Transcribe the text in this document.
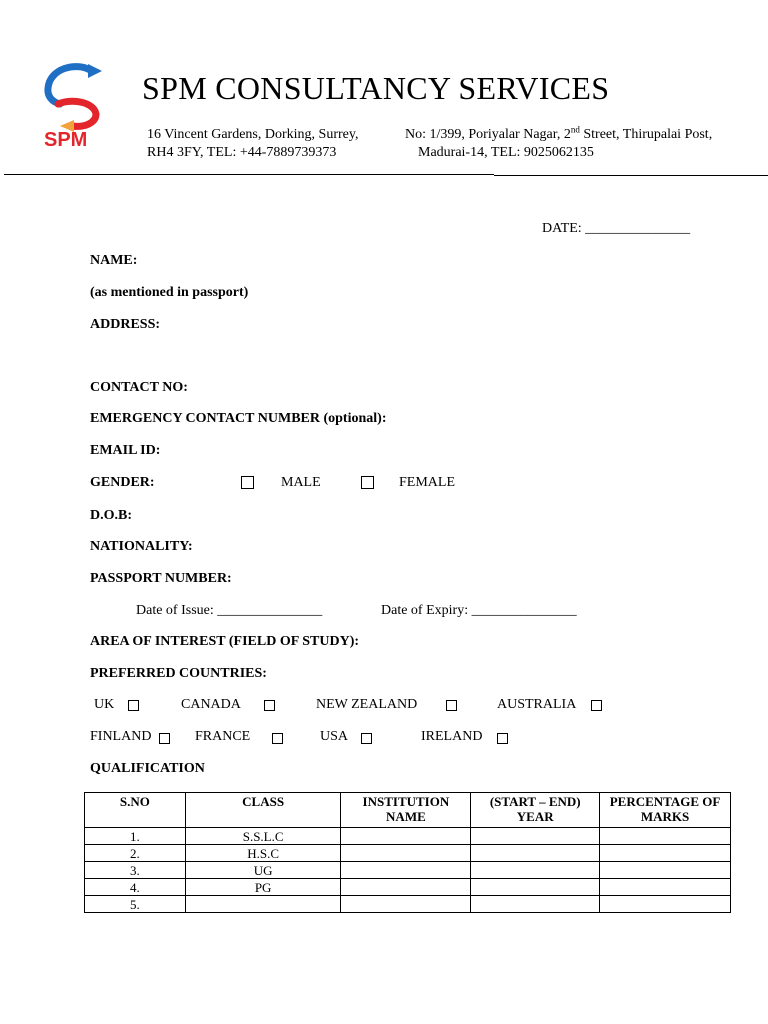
SPM
SPM CONSULTANCY SERVICES
16 Vincent Gardens, Dorking, Surrey,
RH4 3FY, TEL: +44-7889739373
No: 1/399, Poriyalar Nagar, 2nd Street, Thirupalai Post,
Madurai-14, TEL: 9025062135
DATE: _______________
NAME:
(as mentioned in passport)
ADDRESS:
CONTACT NO:
EMERGENCY CONTACT NUMBER (optional):
EMAIL ID:
GENDER:	MALE	FEMALE
D.O.B:
NATIONALITY:
PASSPORT NUMBER:
Date of Issue: _______________	Date of Expiry: _______________
AREA OF INTEREST (FIELD OF STUDY):
PREFERRED COUNTRIES:
UK	CANADA	NEW ZEALAND	AUSTRALIA
FINLAND	FRANCE	USA	IRELAND
QUALIFICATION
S.NO	CLASS	INSTITUTION NAME	(START – END) YEAR	PERCENTAGE OF MARKS
1.	S.S.L.C			
2.	H.S.C			
3.	UG			
4.	PG			
5.				
